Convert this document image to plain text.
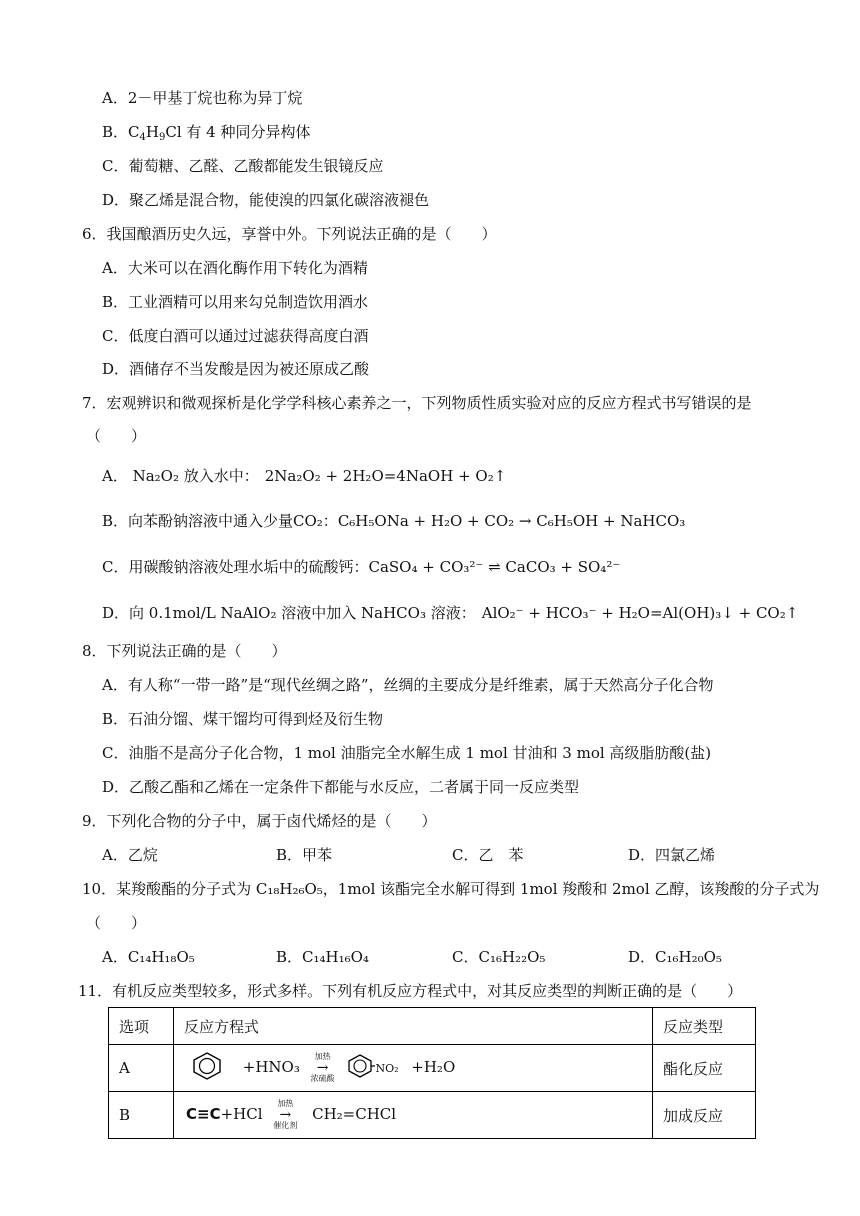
A．2－甲基丁烷也称为异丁烷
B．$C_4H_9Cl$ 有 4 种同分异构体
C．葡萄糖、乙醛、乙酸都能发生银镜反应
D．聚乙烯是混合物，能使溴的四氯化碳溶液褪色
6．我国酿酒历史久远，享誉中外。下列说法正确的是（　　）
A．大米可以在酒化酶作用下转化为酒精
B．工业酒精可以用来勾兑制造饮用酒水
C．低度白酒可以通过过滤获得高度白酒
D．酒储存不当发酸是因为被还原成乙酸
7．宏观辨识和微观探析是化学学科核心素养之一，下列物质性质实验对应的反应方程式书写错误的是
（　　）
A． Na₂O₂ 放入水中： 2Na₂O₂ + 2H₂O=4NaOH + O₂↑
B．向苯酚钠溶液中通入少量CO₂：C₆H₅ONa + H₂O + CO₂ → C₆H₅OH + NaHCO₃
C．用碳酸钠溶液处理水垢中的硫酸钙：CaSO₄ + CO₃²⁻ ⇌ CaCO₃ + SO₄²⁻
D．向 0.1mol/L NaAlO₂ 溶液中加入 NaHCO₃ 溶液： AlO₂⁻ + HCO₃⁻ + H₂O=Al(OH)₃↓ + CO₂↑
8．下列说法正确的是（　　）
A．有人称“一带一路”是“现代丝绸之路”，丝绸的主要成分是纤维素，属于天然高分子化合物
B．石油分馏、煤干馏均可得到烃及衍生物
C．油脂不是高分子化合物，1 mol 油脂完全水解生成 1 mol 甘油和 3 mol 高级脂肪酸(盐)
D．乙酸乙酯和乙烯在一定条件下都能与水反应，二者属于同一反应类型
9．下列化合物的分子中，属于卤代烯烃的是（　　）
A．乙烷	B．甲苯	C．乙　苯	D．四氯乙烯
10．某羧酸酯的分子式为 C₁₈H₂₆O₅，1mol 该酯完全水解可得到 1mol 羧酸和 2mol 乙醇，该羧酸的分子式为
（　　）
A．C₁₄H₁₈O₅	B．C₁₄H₁₆O₄	C．C₁₆H₂₂O₅	D．C₁₆H₂₀O₅
11．有机反应类型较多，形式多样。下列有机反应方程式中，对其反应类型的判断正确的是（　　）
选项	反应方程式	反应类型
A	+HNO₃
加热
→
浓硫酸
NO₂ +H₂O	酯化反应
B	C≡C+HCl
加热
→
催化剂
CH₂=CHCl	加成反应
